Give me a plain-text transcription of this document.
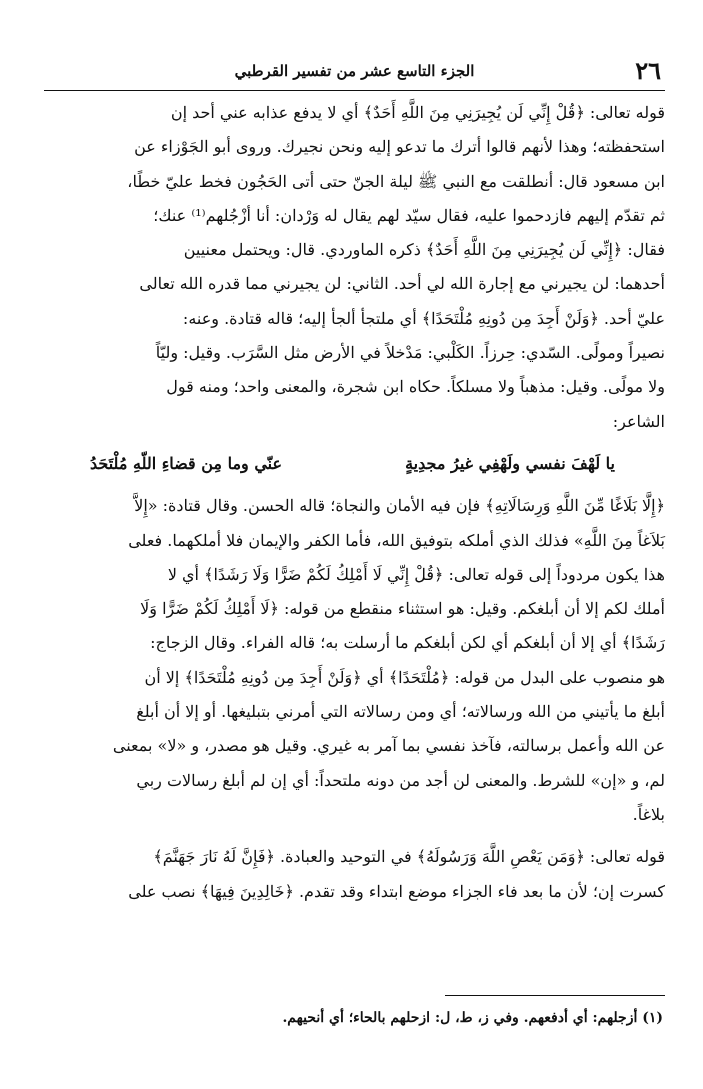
٢٦
الجزء التاسع عشر من تفسير القرطبي

قوله تعالى: ﴿قُلْ إِنِّي لَن يُجِيرَنِي مِنَ اللَّهِ أَحَدٌ﴾ أي لا يدفع عذابه عني أحد إن

استحفظته؛ وهذا لأنهم قالوا أترك ما تدعو إليه ونحن نجيرك. وروى أبو الجَوْزاء عن

ابن مسعود قال: أنطلقت مع النبي ﷺ ليلة الجنّ حتى أتى الحَجُون فخط عليّ خطًا،

ثم تقدّم إليهم فازدحموا عليه، فقال سيّد لهم يقال له وَرْدان: أنا أزْجُلهم⁽¹⁾ عنك؛

فقال: ﴿إِنِّي لَن يُجِيرَنِي مِنَ اللَّهِ أَحَدٌ﴾ ذكره الماوردي. قال: ويحتمل معنيين

أحدهما: لن يجيرني مع إجارة الله لي أحد. الثاني: لن يجيرني مما قدره الله تعالى

عليّ أحد. ﴿وَلَنْ أَجِدَ مِن دُونِهِ مُلْتَحَدًا﴾ أي ملتجأ ألجأ إليه؛ قاله قتادة. وعنه:

نصيراً ومولًى. السّدي: حِرزاً. الكَلْبي: مَدْخلاً في الأرض مثل السَّرَب. وقيل: وليّاً

ولا مولًى. وقيل: مذهباً ولا مسلكاً. حكاه ابن شجرة، والمعنى واحد؛ ومنه قول

الشاعر:

يا لَهْفَ نفسي ولَهْفِي غيرُ مجدِيةٍ
عنّي وما مِن قضاءِ اللّهِ مُلْتَحَدُ

﴿إِلَّا بَلَاغًا مِّنَ اللَّهِ وَرِسَالَاتِهِ﴾ فإن فيه الأمان والنجاة؛ قاله الحسن. وقال قتادة: «إِلاَّ

بَلاَغاً مِنَ اللَّهِ» فذلك الذي أملكه بتوفيق الله، فأما الكفر والإيمان فلا أملكهما. فعلى

هذا يكون مردوداً إلى قوله تعالى: ﴿قُلْ إِنِّي لَا أَمْلِكُ لَكُمْ ضَرًّا وَلَا رَشَدًا﴾ أي لا

أملك لكم إلا أن أبلغكم. وقيل: هو استثناء منقطع من قوله: ﴿لَا أَمْلِكُ لَكُمْ ضَرًّا وَلَا

رَشَدًا﴾ أي إلا أن أبلغكم أي لكن أبلغكم ما أرسلت به؛ قاله الفراء. وقال الزجاج:

هو منصوب على البدل من قوله: ﴿مُلْتَحَدًا﴾ أي ﴿وَلَنْ أَجِدَ مِن دُونِهِ مُلْتَحَدًا﴾ إلا أن

أبلغ ما يأتيني من الله ورسالاته؛ أي ومن رسالاته التي أمرني بتبليغها. أو إلا أن أبلغ

عن الله وأعمل برسالته، فآخذ نفسي بما آمر به غيري. وقيل هو مصدر، و «لا» بمعنى

لم، و «إن» للشرط. والمعنى لن أجد من دونه ملتحداً: أي إن لم أبلغ رسالات ربي

بلاغاً.

قوله تعالى: ﴿وَمَن يَعْصِ اللَّهَ وَرَسُولَهُ﴾ في التوحيد والعبادة. ﴿فَإِنَّ لَهُ نَارَ جَهَنَّمَ﴾

كسرت إن؛ لأن ما بعد فاء الجزاء موضع ابتداء وقد تقدم. ﴿خَالِدِينَ فِيهَا﴾ نصب على

(١) أزجلهم: أي أدفعهم. وفي ز، ط، ل: ازحلهم بالحاء؛ أي أنحيهم.
